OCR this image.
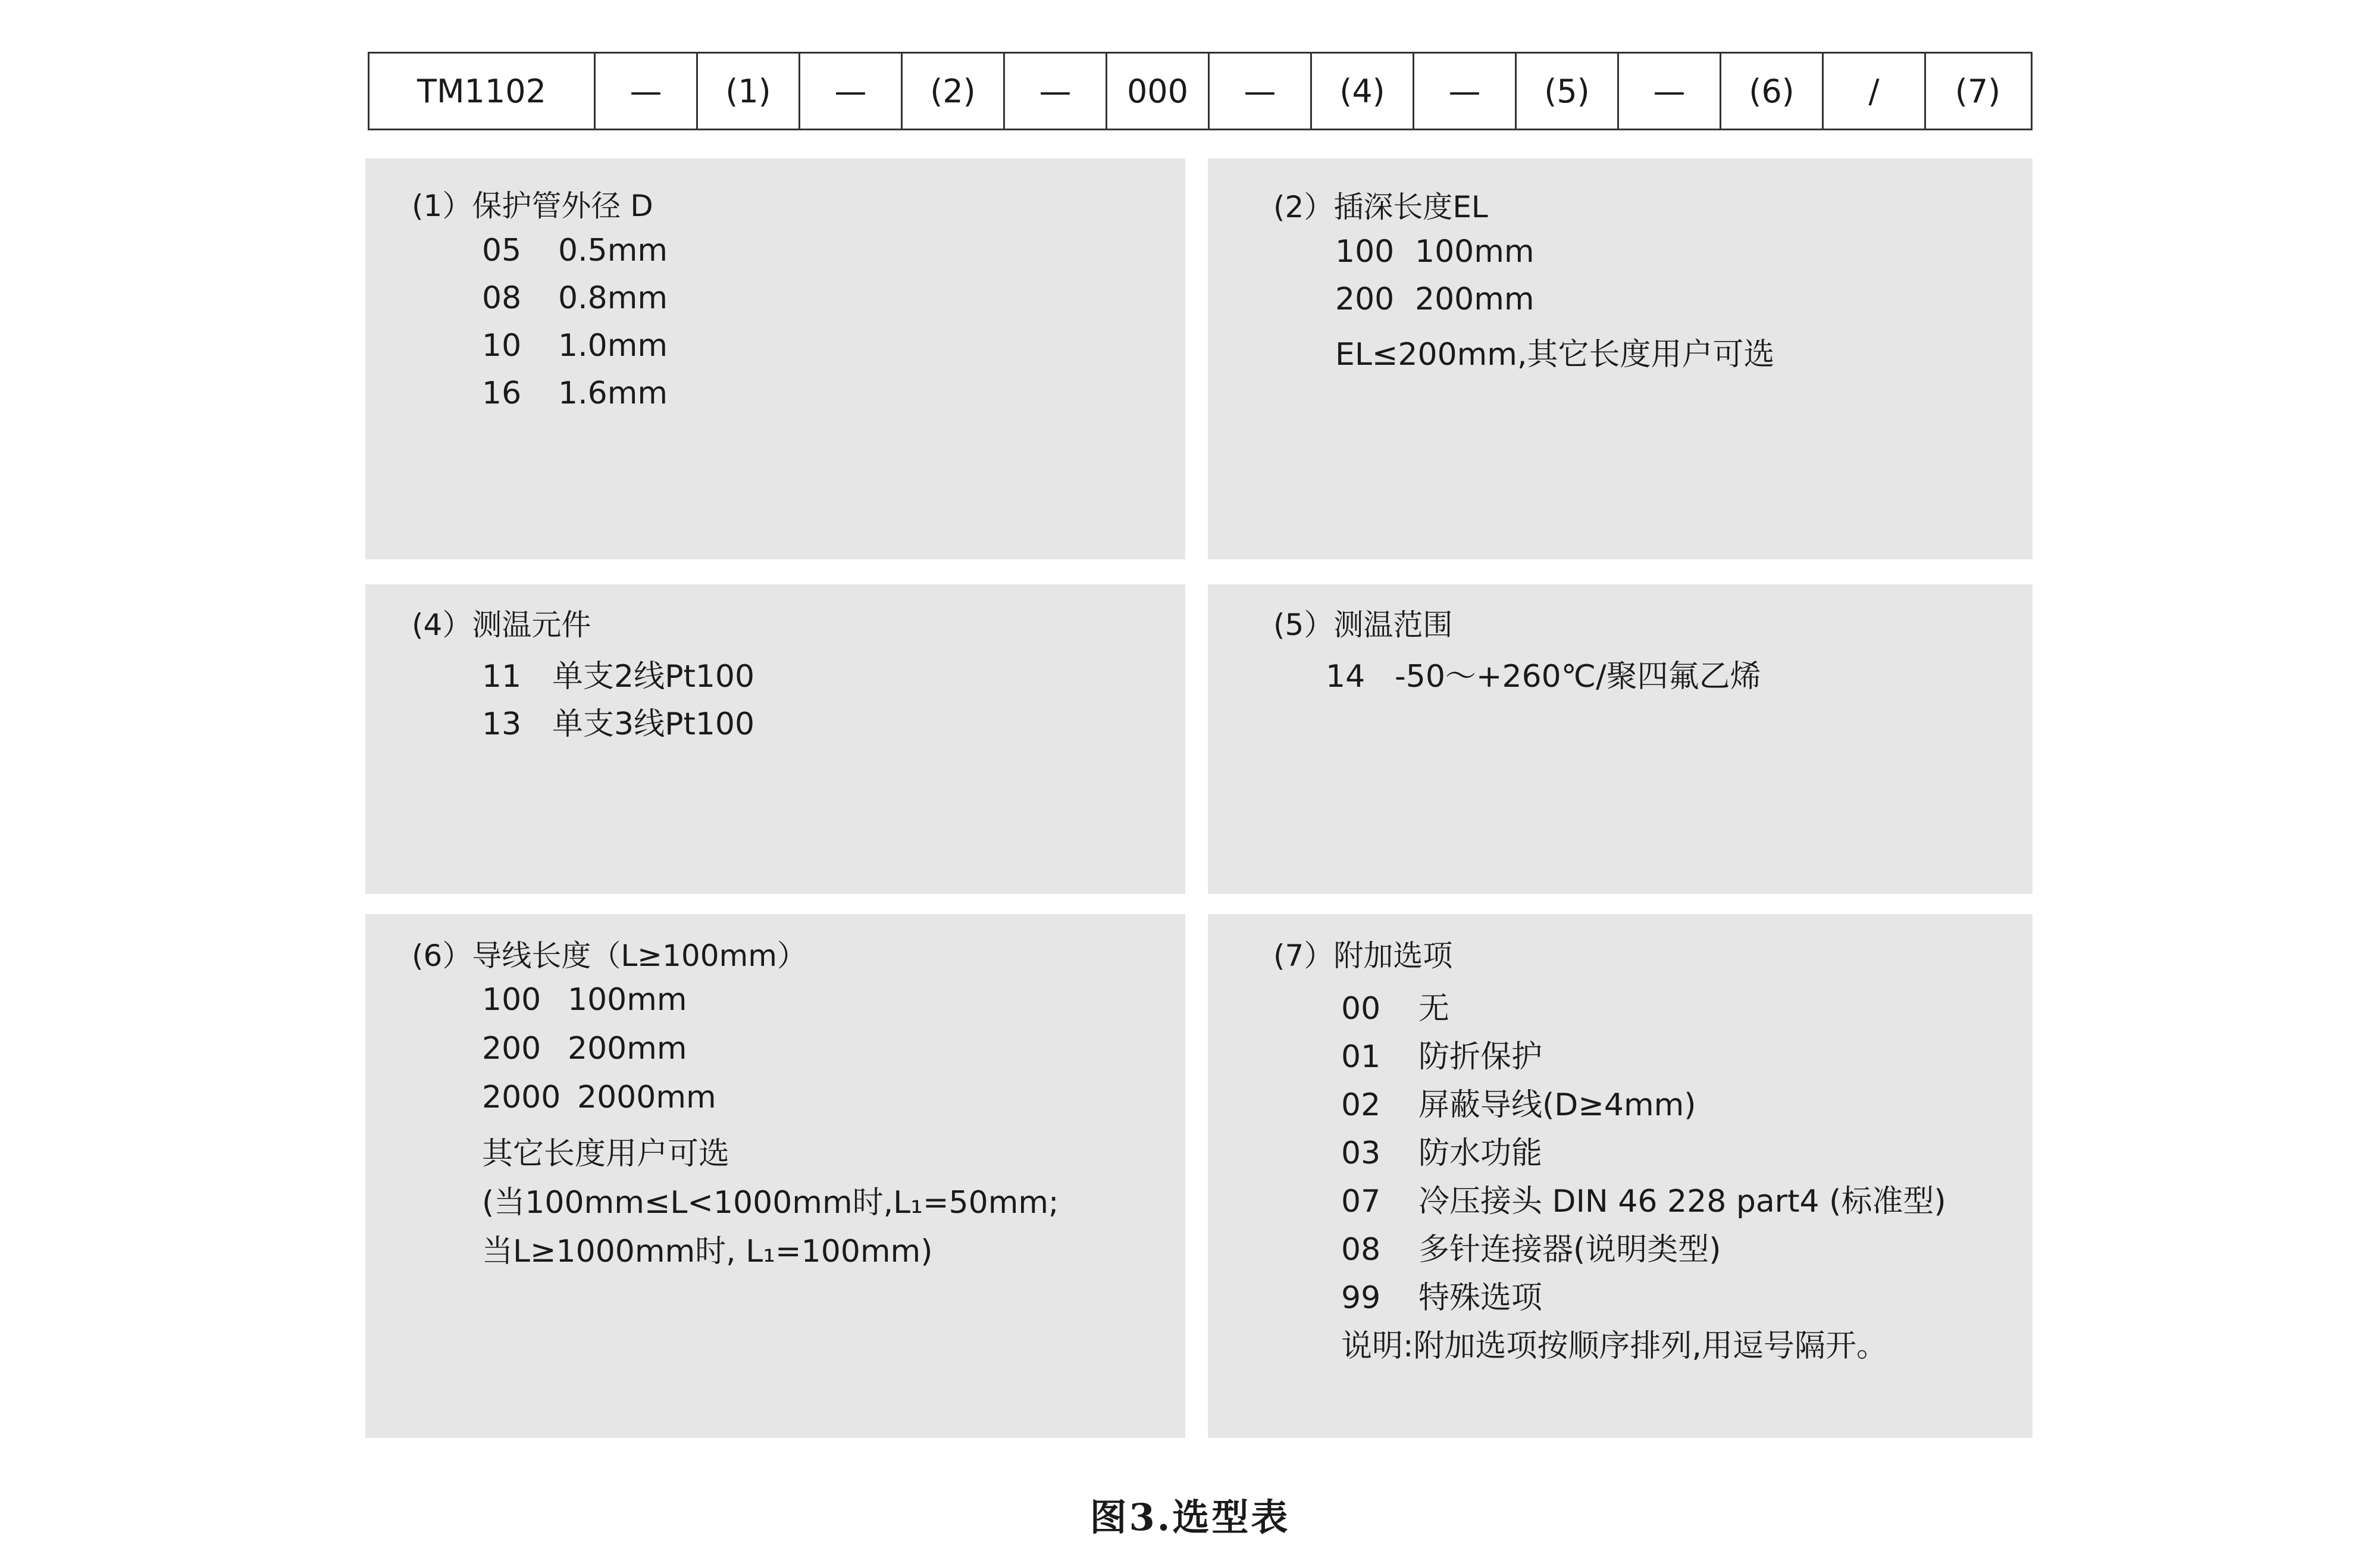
TM1102	—	(1)	—	(2)	—	000	—	(4)	—	(5)	—	(6)	/	(7)
(1）保护管外径 D
05 0.5mm
08 0.8mm
10 1.0mm
16 1.6mm
(2）插深长度EL
100 100mm
200 200mm
EL≤200mm,其它长度用户可选
(4）测温元件
11 单支2线Pt100
13 单支3线Pt100
(5）测温范围
14 -50～+260℃/聚四氟乙烯
(6）导线长度（L≥100mm）
100 100mm
200 200mm
2000 2000mm
其它长度用户可选
(当100mm≤L<1000mm时,L₁=50mm;
当L≥1000mm时, L₁=100mm)
(7）附加选项
00 无
01 防折保护
02 屏蔽导线(D≥4mm)
03 防水功能
07 冷压接头 DIN 46 228 part4 (标准型)
08 多针连接器(说明类型)
99 特殊选项
说明:附加选项按顺序排列,用逗号隔开。
图3.选型表
